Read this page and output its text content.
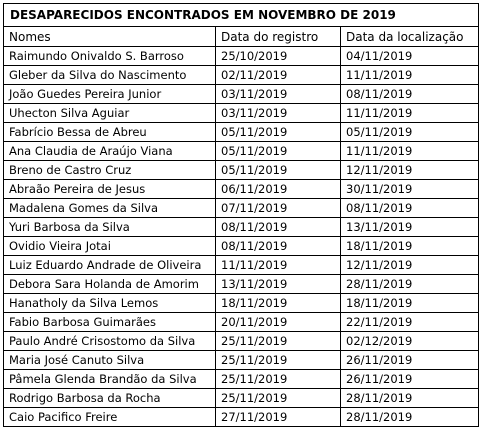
DESAPARECIDOS ENCONTRADOS EM NOVEMBRO DE 2019		
Nomes	Data do registro	Data da localização
Raimundo Onivaldo S. Barroso	25/10/2019	04/11/2019
Gleber da Silva do Nascimento	02/11/2019	11/11/2019
João Guedes Pereira Junior	03/11/2019	08/11/2019
Uhecton Silva Aguiar	03/11/2019	11/11/2019
Fabrício Bessa de Abreu	05/11/2019	05/11/2019
Ana Claudia de Araújo Viana	05/11/2019	11/11/2019
Breno de Castro Cruz	05/11/2019	12/11/2019
Abraão Pereira de Jesus	06/11/2019	30/11/2019
Madalena Gomes da Silva	07/11/2019	08/11/2019
Yuri Barbosa da Silva	08/11/2019	13/11/2019
Ovidio Vieira Jotai	08/11/2019	18/11/2019
Luiz Eduardo Andrade de Oliveira	11/11/2019	12/11/2019
Debora Sara Holanda de Amorim	13/11/2019	28/11/2019
Hanatholy da Silva Lemos	18/11/2019	18/11/2019
Fabio Barbosa Guimarães	20/11/2019	22/11/2019
Paulo André Crisostomo da Silva	25/11/2019	02/12/2019
Maria José Canuto Silva	25/11/2019	26/11/2019
Pâmela Glenda Brandão da Silva	25/11/2019	26/11/2019
Rodrigo Barbosa da Rocha	25/11/2019	28/11/2019
Caio Pacifico Freire	27/11/2019	28/11/2019
